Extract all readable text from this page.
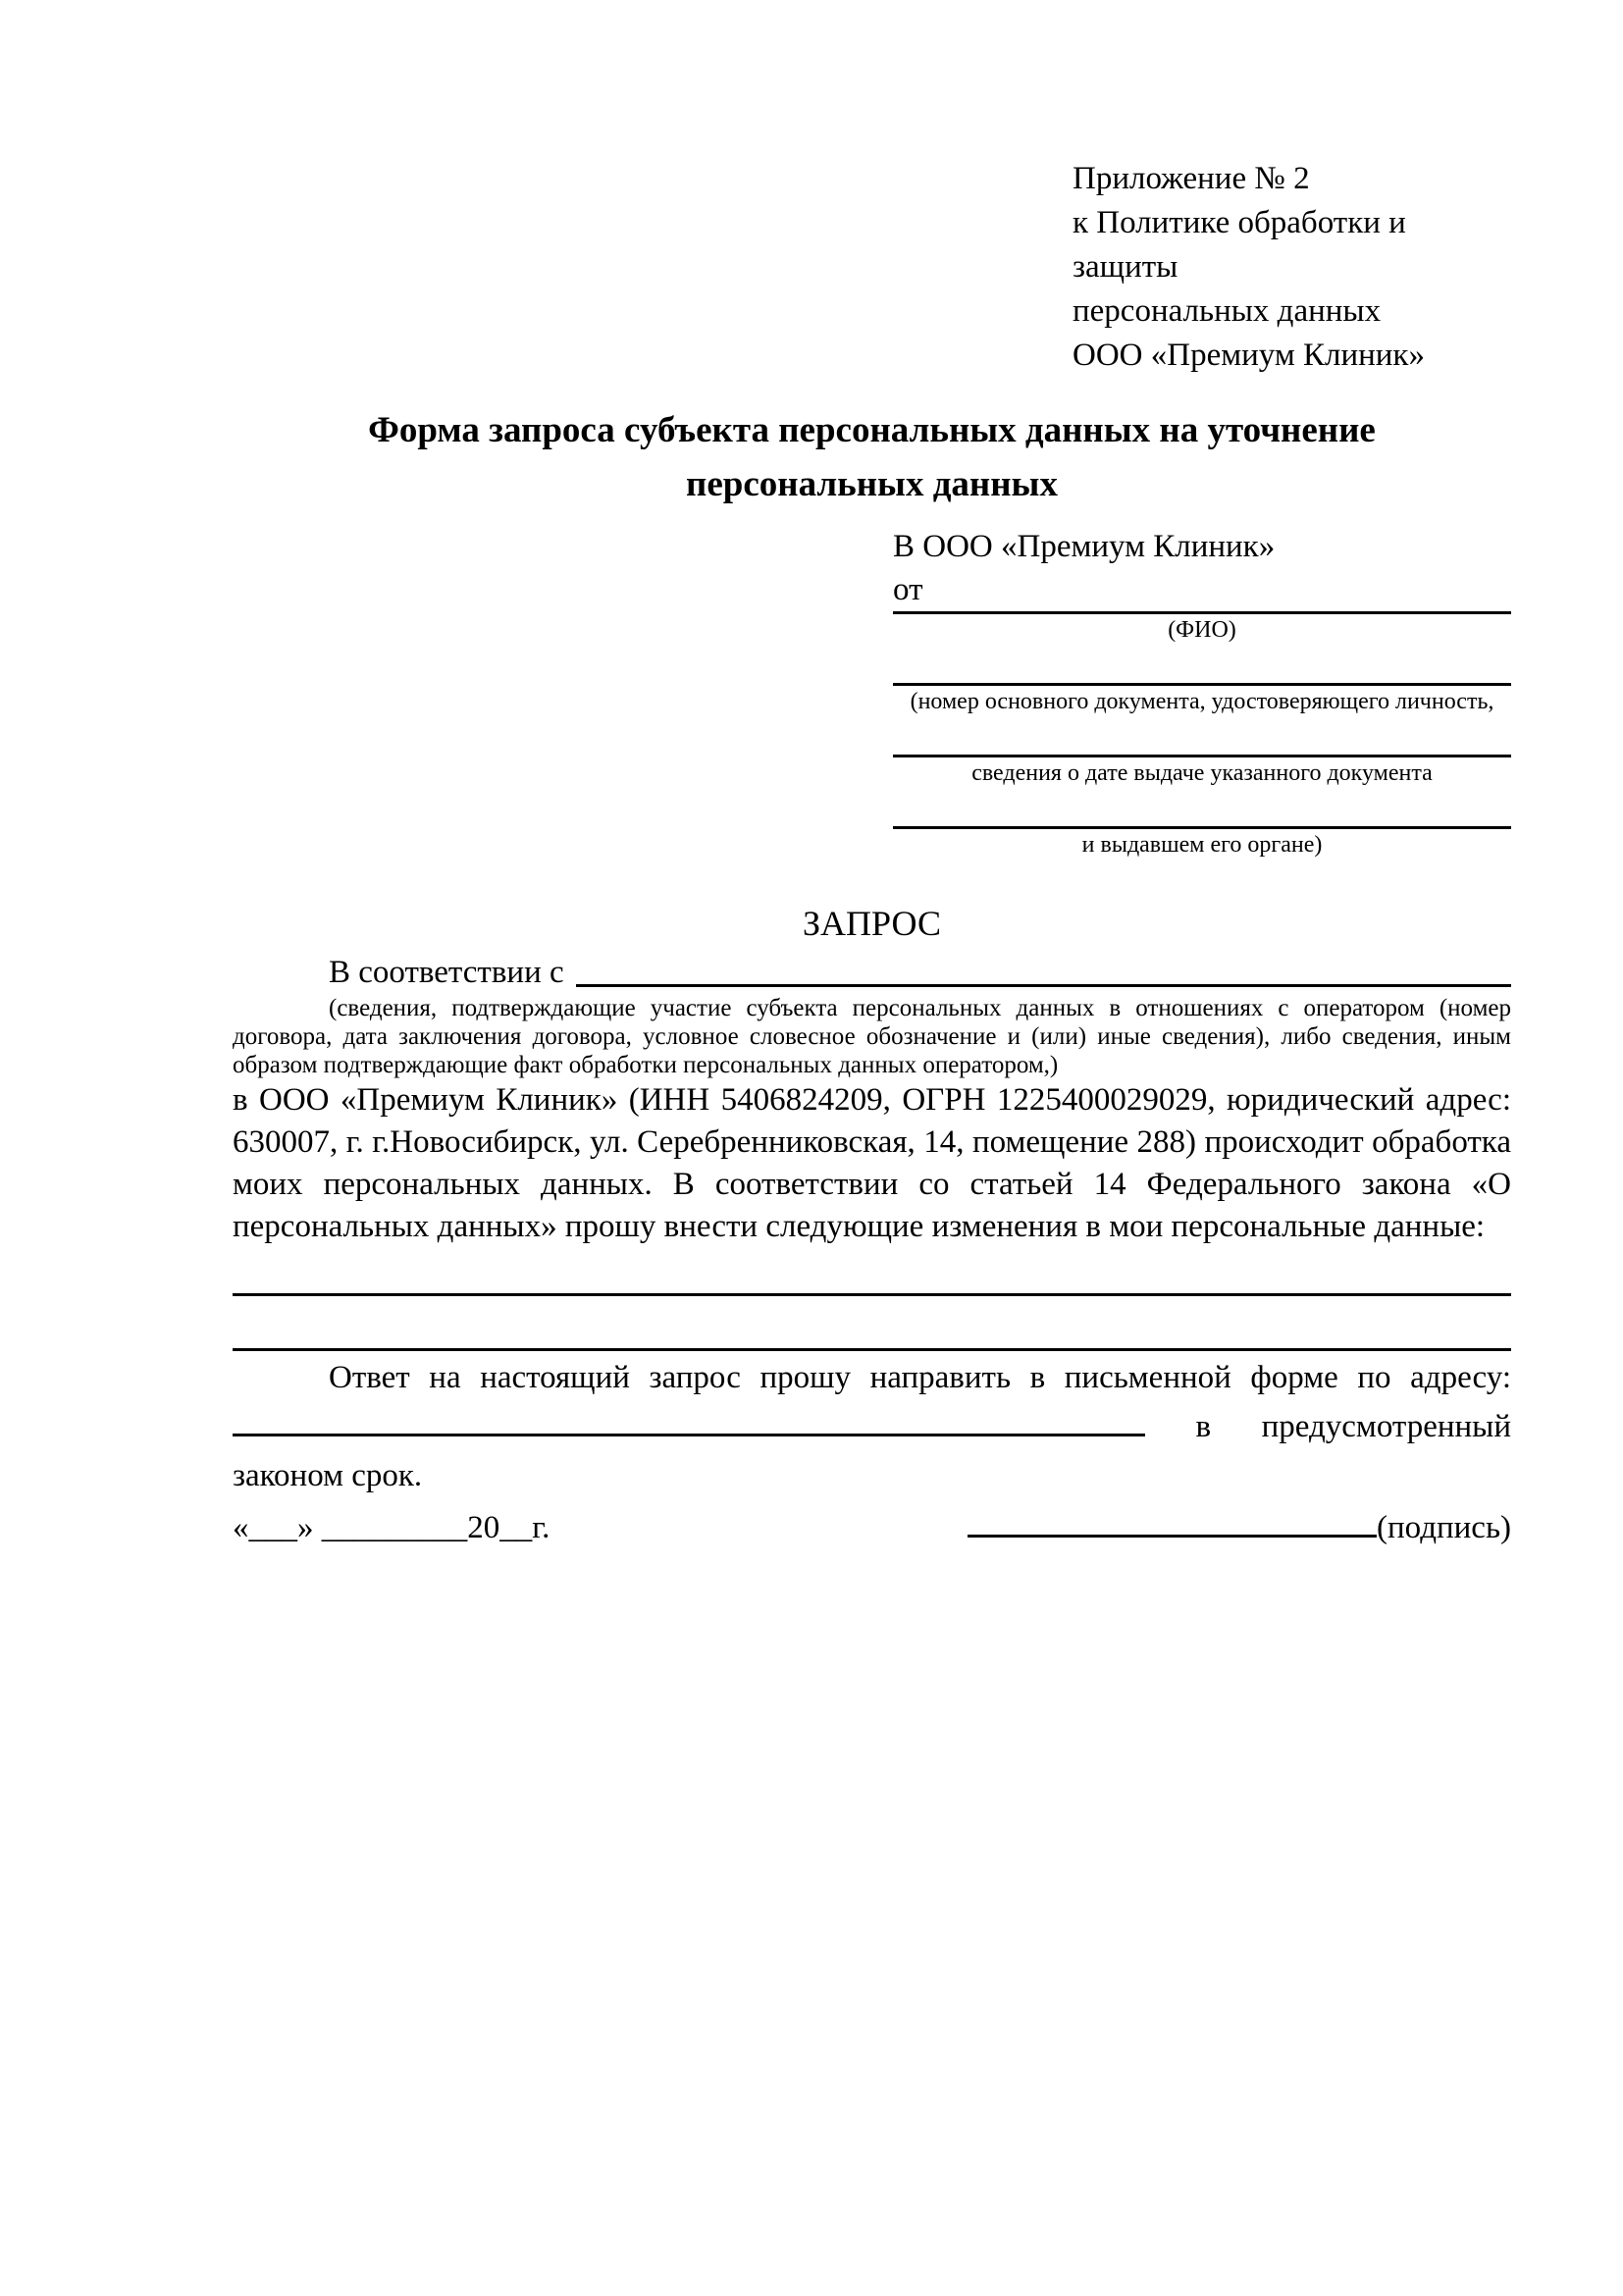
Приложение № 2
к Политике обработки и защиты
персональных данных
ООО «Премиум Клиник»
Форма запроса субъекта персональных данных на уточнение
персональных данных
В ООО «Премиум Клиник»
от
(ФИО)
(номер основного документа, удостоверяющего личность,
сведения о дате выдаче указанного документа
и выдавшем его органе)
ЗАПРОС
В соответствии с
(сведения, подтверждающие участие субъекта персональных данных в отношениях с оператором (номер договора, дата заключения договора, условное словесное обозначение и (или) иные сведения), либо сведения, иным образом подтверждающие факт обработки персональных данных оператором,)
в ООО «Премиум Клиник» (ИНН 5406824209, ОГРН 1225400029029, юридический адрес: 630007, г. г.Новосибирск, ул. Серебренниковская, 14, помещение 288) происходит обработка моих персональных данных. В соответствии со статьей 14 Федерального закона «О персональных данных» прошу внести следующие изменения в мои персональные данные:
Ответ на настоящий запрос прошу направить в письменной форме по адресу:  в предусмотренный законом срок.
«___» _________20__г.	(подпись)
